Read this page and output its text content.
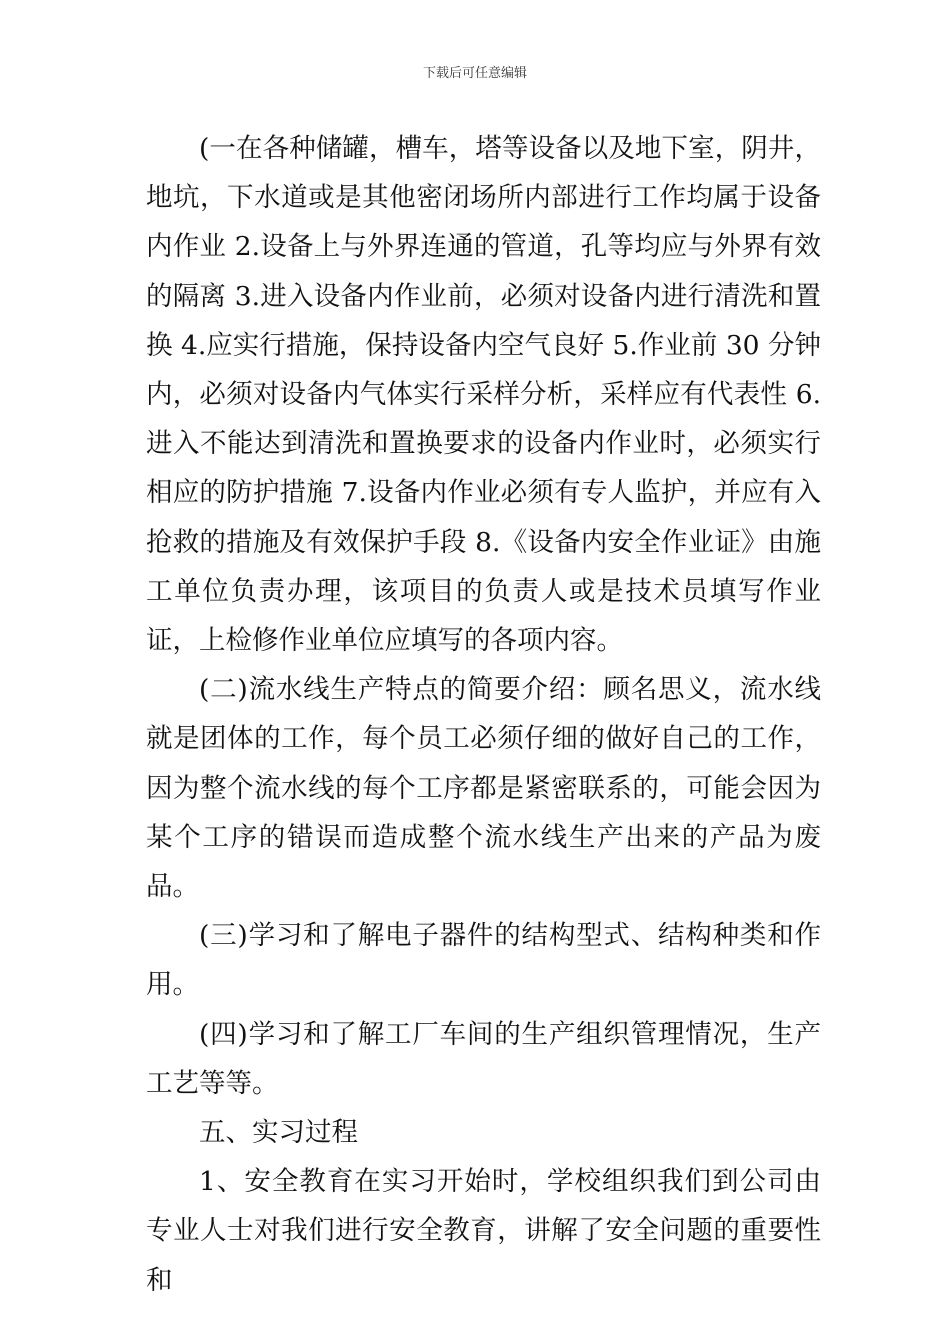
下载后可任意编辑

(一在各种储罐，槽车，塔等设备以及地下室，阴井，地坑，下水道或是其他密闭场所内部进行工作均属于设备内作业 2.设备上与外界连通的管道，孔等均应与外界有效的隔离 3.进入设备内作业前，必须对设备内进行清洗和置换 4.应实行措施，保持设备内空气良好 5.作业前 30 分钟内，必须对设备内气体实行采样分析，采样应有代表性 6.进入不能达到清洗和置换要求的设备内作业时，必须实行相应的防护措施 7.设备内作业必须有专人监护，并应有入抢救的措施及有效保护手段 8.《设备内安全作业证》由施工单位负责办理，该项目的负责人或是技术员填写作业证，上检修作业单位应填写的各项内容。

(二)流水线生产特点的简要介绍：顾名思义，流水线就是团体的工作，每个员工必须仔细的做好自己的工作，因为整个流水线的每个工序都是紧密联系的，可能会因为某个工序的错误而造成整个流水线生产出来的产品为废品。

(三)学习和了解电子器件的结构型式、结构种类和作用。

(四)学习和了解工厂车间的生产组织管理情况，生产工艺等等。

五、实习过程

1、安全教育在实习开始时，学校组织我们到公司由专业人士对我们进行安全教育，讲解了安全问题的重要性和
